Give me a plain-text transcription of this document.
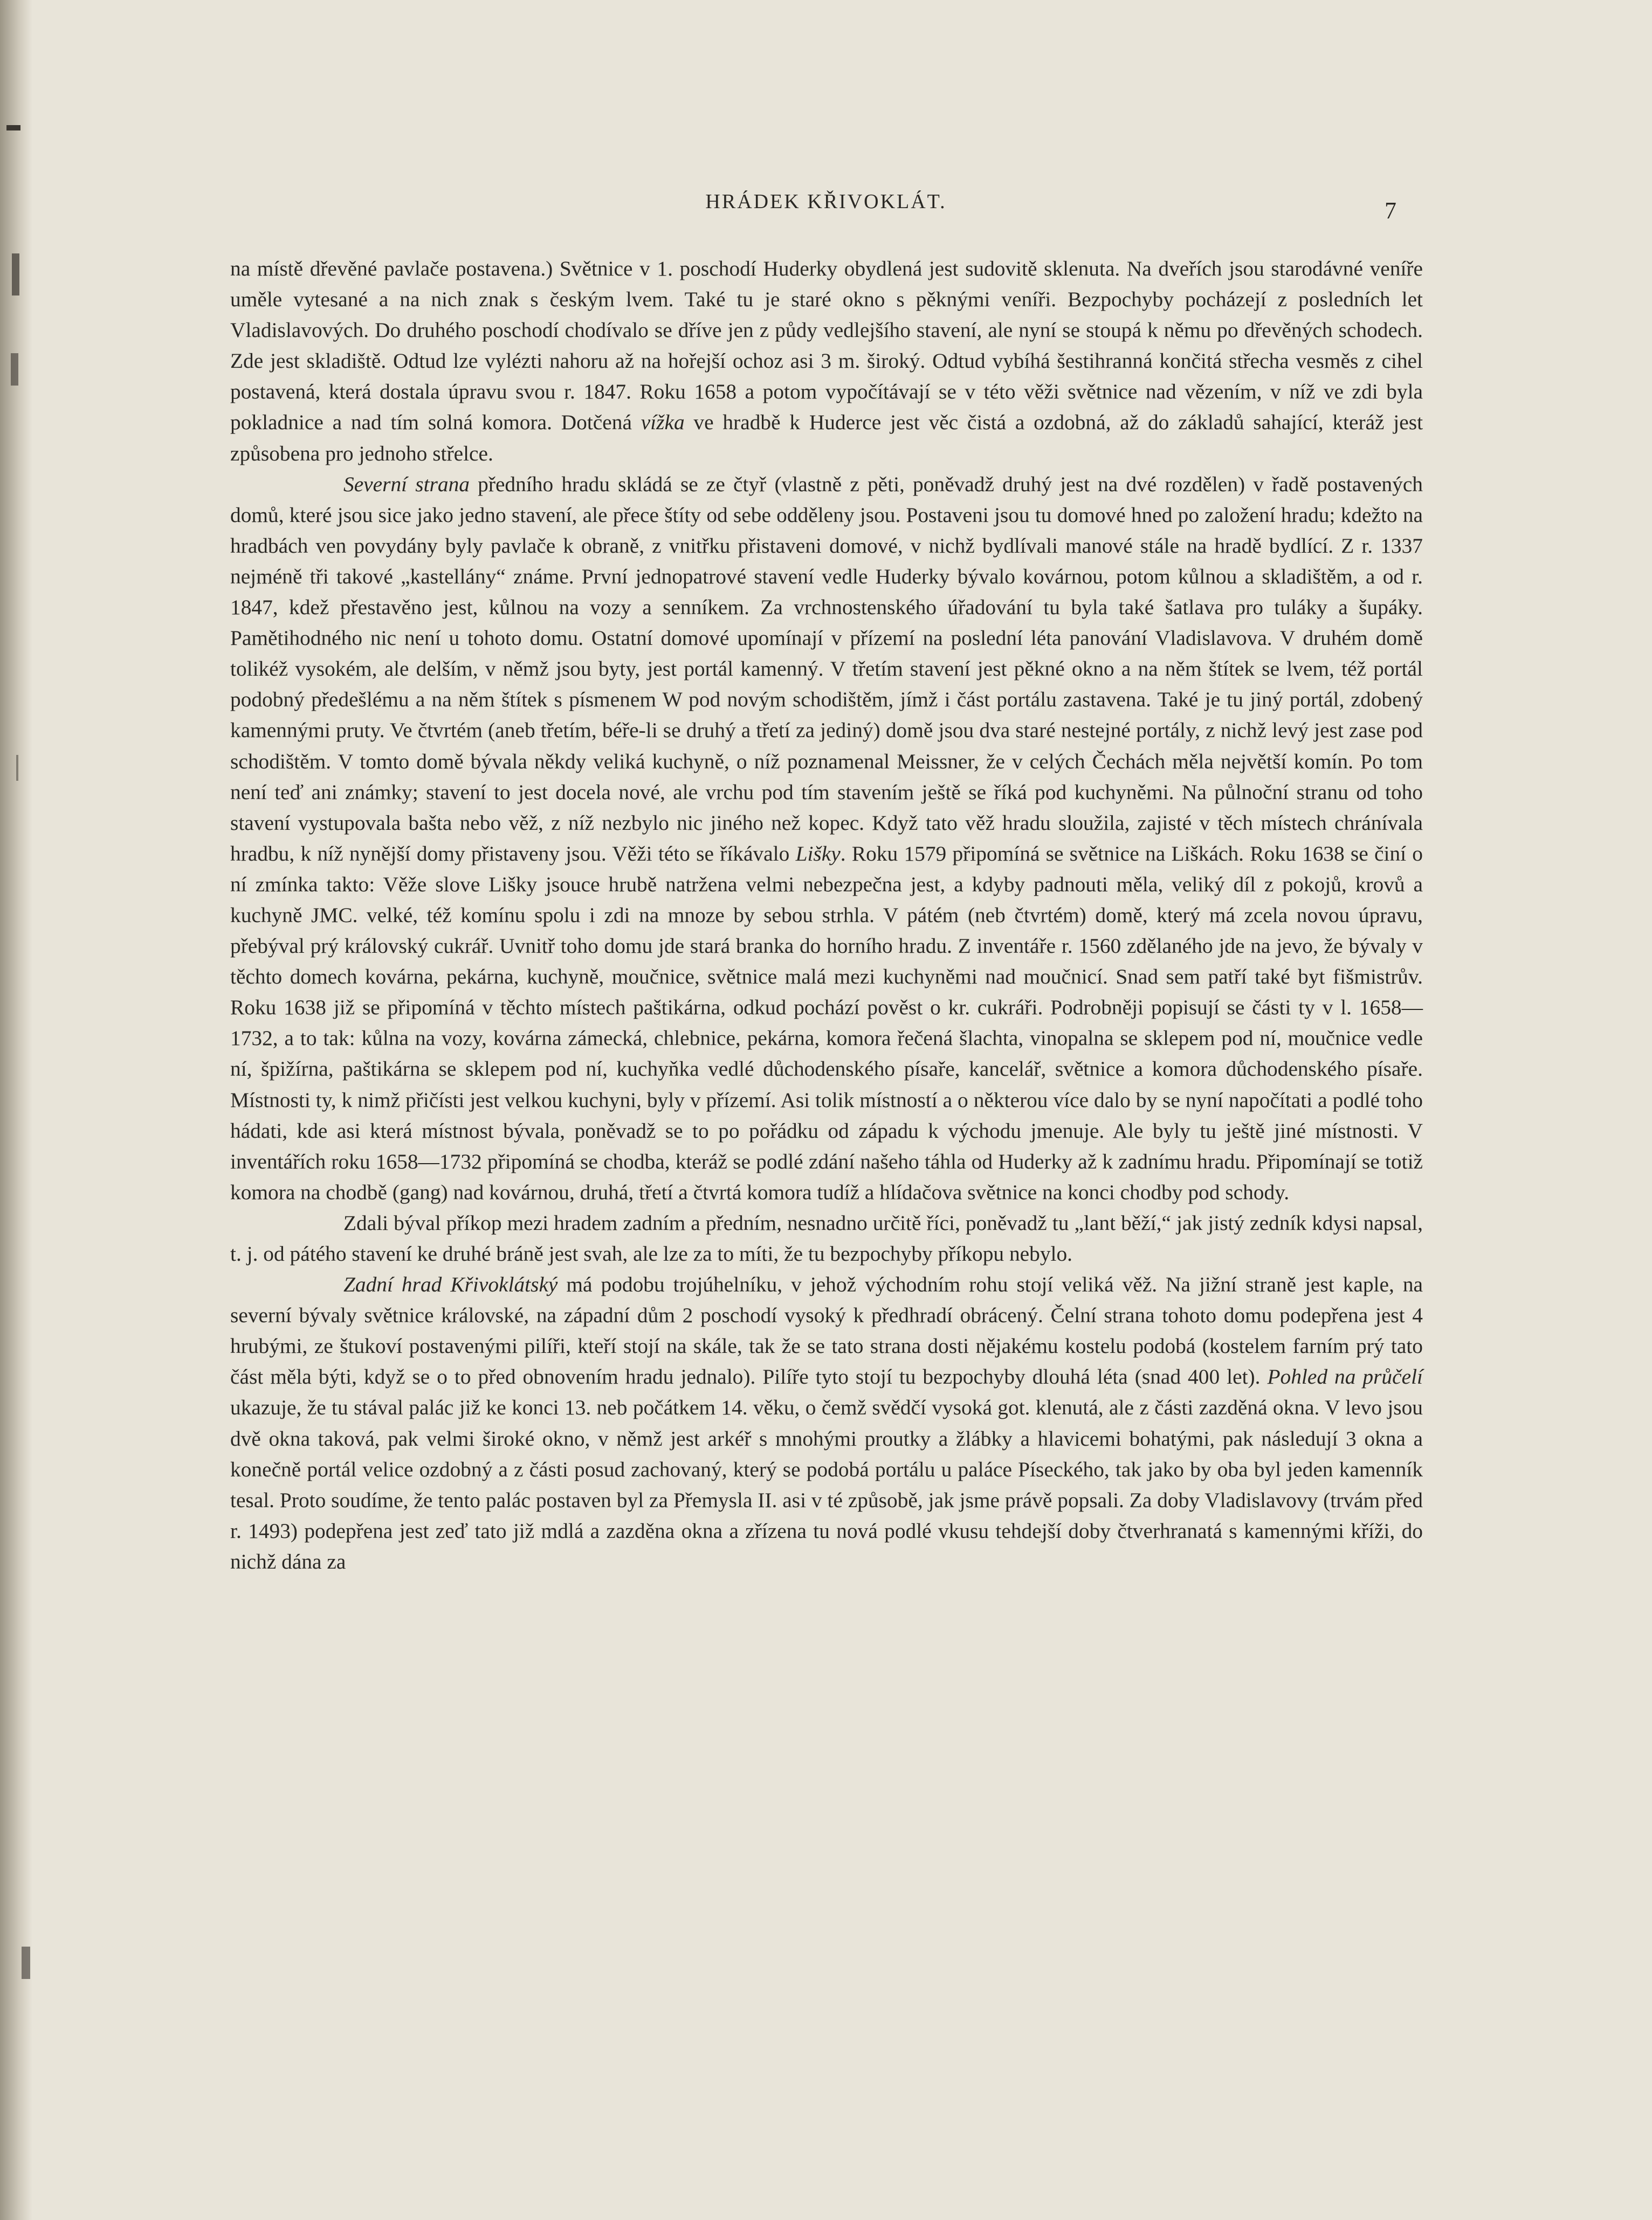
HRÁDEK KŘIVOKLÁT.	7

na místě dřevěné pavlače postavena.) Světnice v 1. poschodí Huderky obydlená jest sudovitě sklenuta. Na dveřích jsou starodávné veníře uměle vytesané a na nich znak s českým lvem. Také tu je staré okno s pěknými veníři. Bezpochyby pocházejí z posledních let Vladislavových. Do druhého poschodí chodívalo se dříve jen z půdy vedlejšího stavení, ale nyní se stoupá k němu po dřevěných schodech. Zde jest skladiště. Odtud lze vylézti nahoru až na hořejší ochoz asi 3 m. široký. Odtud vybíhá šestihranná končitá střecha vesměs z cihel postavená, která dostala úpravu svou r. 1847. Roku 1658 a potom vypočítávají se v této věži světnice nad vězením, v níž ve zdi byla pokladnice a nad tím solná komora. Dotčená vížka ve hradbě k Huderce jest věc čistá a ozdobná, až do základů sahající, kteráž jest způsobena pro jednoho střelce.

Severní strana předního hradu skládá se ze čtyř (vlastně z pěti, poněvadž druhý jest na dvé rozdělen) v řadě postavených domů, které jsou sice jako jedno stavení, ale přece štíty od sebe odděleny jsou. Postaveni jsou tu domové hned po založení hradu; kdežto na hradbách ven povydány byly pavlače k obraně, z vnitřku přistaveni domové, v nichž bydlívali manové stále na hradě bydlící. Z r. 1337 nejméně tři takové „kastellány“ známe. První jednopatrové stavení vedle Huderky bývalo kovárnou, potom kůlnou a skladištěm, a od r. 1847, kdež přestavěno jest, kůlnou na vozy a senníkem. Za vrchnostenského úřadování tu byla také šatlava pro tuláky a šupáky. Pamětihodného nic není u tohoto domu. Ostatní domové upomínají v přízemí na poslední léta panování Vladislavova. V druhém domě tolikéž vysokém, ale delším, v němž jsou byty, jest portál kamenný. V třetím stavení jest pěkné okno a na něm štítek se lvem, též portál podobný předešlému a na něm štítek s písmenem W pod novým schodištěm, jímž i část portálu zastavena. Také je tu jiný portál, zdobený kamennými pruty. Ve čtvrtém (aneb třetím, béře-li se druhý a třetí za jediný) domě jsou dva staré nestejné portály, z nichž levý jest zase pod schodištěm. V tomto domě bývala někdy veliká kuchyně, o níž poznamenal Meissner, že v celých Čechách měla největší komín. Po tom není teď ani známky; stavení to jest docela nové, ale vrchu pod tím stavením ještě se říká pod kuchyněmi. Na půlnoční stranu od toho stavení vystupovala bašta nebo věž, z níž nezbylo nic jiného než kopec. Když tato věž hradu sloužila, zajisté v těch místech chránívala hradbu, k níž nynější domy přistaveny jsou. Věži této se říkávalo Lišky. Roku 1579 připomíná se světnice na Liškách. Roku 1638 se činí o ní zmínka takto: Věže slove Lišky jsouce hrubě natržena velmi nebezpečna jest, a kdyby padnouti měla, veliký díl z pokojů, krovů a kuchyně JMC. velké, též komínu spolu i zdi na mnoze by sebou strhla. V pátém (neb čtvrtém) domě, který má zcela novou úpravu, přebýval prý královský cukrář. Uvnitř toho domu jde stará branka do horního hradu. Z inventáře r. 1560 zdělaného jde na jevo, že bývaly v těchto domech kovárna, pekárna, kuchyně, moučnice, světnice malá mezi kuchyněmi nad moučnicí. Snad sem patří také byt fišmistrův. Roku 1638 již se připomíná v těchto místech paštikárna, odkud pochází pověst o kr. cukráři. Podrobněji popisují se části ty v l. 1658—1732, a to tak: kůlna na vozy, kovárna zámecká, chlebnice, pekárna, komora řečená šlachta, vinopalna se sklepem pod ní, moučnice vedle ní, špižírna, paštikárna se sklepem pod ní, kuchyňka vedlé důchodenského písaře, kancelář, světnice a komora důchodenského písaře. Místnosti ty, k nimž přičísti jest velkou kuchyni, byly v přízemí. Asi tolik místností a o některou více dalo by se nyní napočítati a podlé toho hádati, kde asi která místnost bývala, poněvadž se to po pořádku od západu k východu jmenuje. Ale byly tu ještě jiné místnosti. V inventářích roku 1658—1732 připomíná se chodba, kteráž se podlé zdání našeho táhla od Huderky až k zadnímu hradu. Připomínají se totiž komora na chodbě (gang) nad kovárnou, druhá, třetí a čtvrtá komora tudíž a hlídačova světnice na konci chodby pod schody.

Zdali býval příkop mezi hradem zadním a předním, nesnadno určitě říci, poněvadž tu „lant běží,“ jak jistý zedník kdysi napsal, t. j. od pátého stavení ke druhé bráně jest svah, ale lze za to míti, že tu bezpochyby příkopu nebylo.

Zadní hrad Křivoklátský má podobu trojúhelníku, v jehož východním rohu stojí veliká věž. Na jižní straně jest kaple, na severní bývaly světnice královské, na západní dům 2 poschodí vysoký k předhradí obrácený. Čelní strana tohoto domu podepřena jest 4 hrubými, ze štukoví postavenými pilíři, kteří stojí na skále, tak že se tato strana dosti nějakému kostelu podobá (kostelem farním prý tato část měla býti, když se o to před obnovením hradu jednalo). Pilíře tyto stojí tu bezpochyby dlouhá léta (snad 400 let). Pohled na průčelí ukazuje, že tu stával palác již ke konci 13. neb počátkem 14. věku, o čemž svědčí vysoká got. klenutá, ale z části zazděná okna. V levo jsou dvě okna taková, pak velmi široké okno, v němž jest arkéř s mnohými proutky a žlábky a hlavicemi bohatými, pak následují 3 okna a konečně portál velice ozdobný a z části posud zachovaný, který se podobá portálu u paláce Píseckého, tak jako by oba byl jeden kamenník tesal. Proto soudíme, že tento palác postaven byl za Přemysla II. asi v té způsobě, jak jsme právě popsali. Za doby Vladislavovy (trvám před r. 1493) podepřena jest zeď tato již mdlá a zazděna okna a zřízena tu nová podlé vkusu tehdejší doby čtverhranatá s kamennými kříži, do nichž dána za
